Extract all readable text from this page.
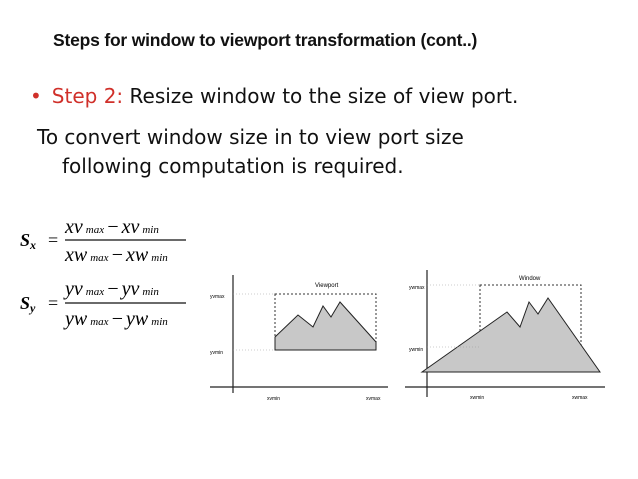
Steps for window to viewport transformation (cont..)
• Step 2: Resize window to the size of view port.
To convert window size in to view port size
following computation is required.
Sx =
xv max − xv min
xw max − xw min
Sy =
yv max − yv min
yw max − yw min
Viewport
yvmax
yvmin
xvmin	xvmax
Window
ywmax
ywmin
xwmin	xwmax
